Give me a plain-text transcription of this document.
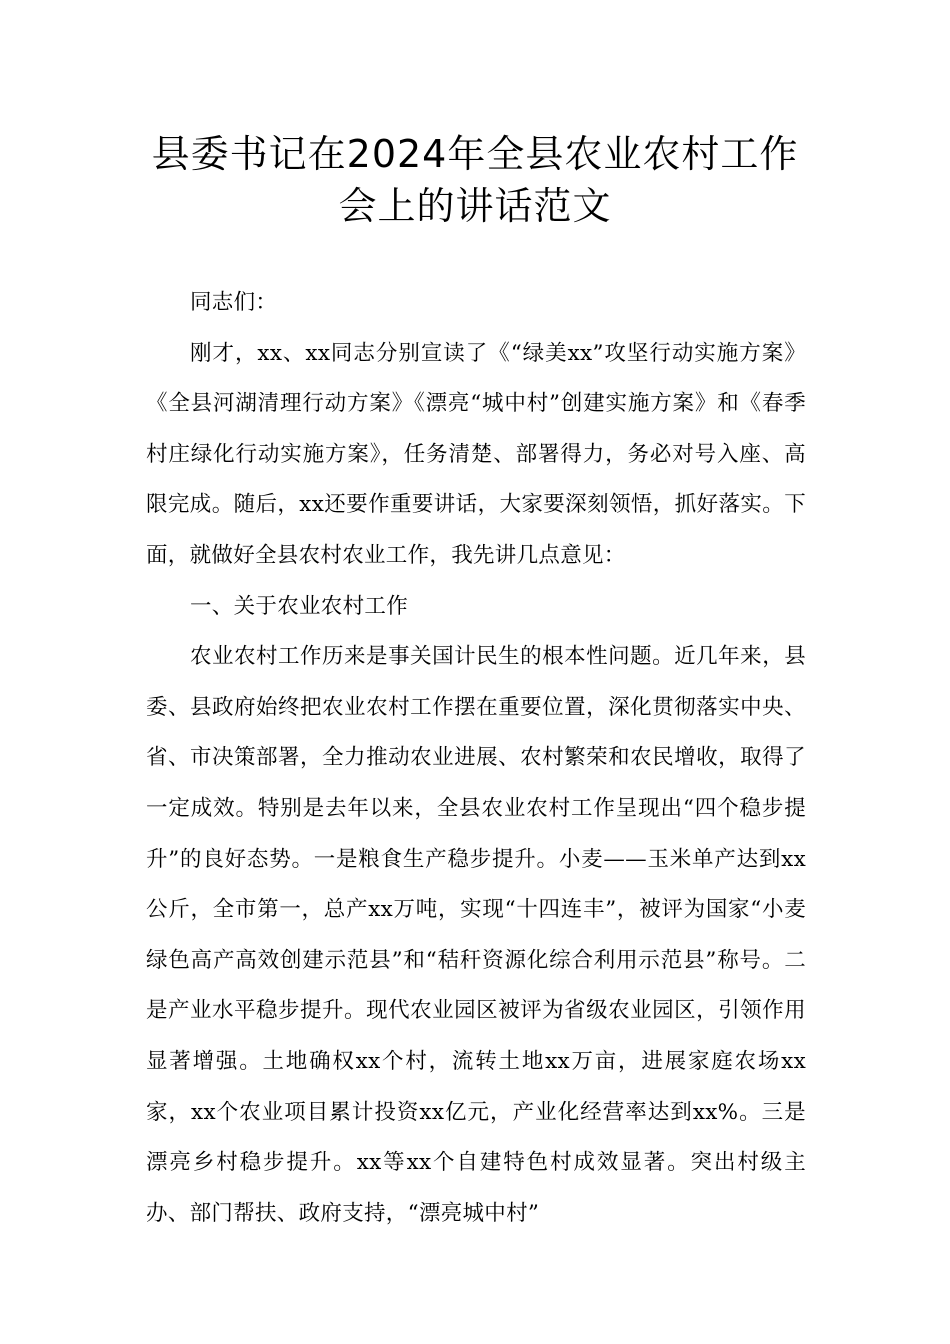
县委书记在2024年全县农业农村工作
会上的讲话范文

同志们：

刚才，xx、xx同志分别宣读了《“绿美xx”攻坚行动实施方案》《全县河湖清理行动方案》《漂亮“城中村”创建实施方案》和《春季村庄绿化行动实施方案》，任务清楚、部署得力，务必对号入座、高限完成。随后，xx还要作重要讲话，大家要深刻领悟，抓好落实。下面，就做好全县农村农业工作，我先讲几点意见：

一、关于农业农村工作

农业农村工作历来是事关国计民生的根本性问题。近几年来，县委、县政府始终把农业农村工作摆在重要位置，深化贯彻落实中央、省、市决策部署，全力推动农业进展、农村繁荣和农民增收，取得了一定成效。特别是去年以来，全县农业农村工作呈现出“四个稳步提升”的良好态势。一是粮食生产稳步提升。小麦——玉米单产达到xx公斤，全市第一，总产xx万吨，实现“十四连丰”，被评为国家“小麦绿色高产高效创建示范县”和“秸秆资源化综合利用示范县”称号。二是产业水平稳步提升。现代农业园区被评为省级农业园区，引领作用显著增强。土地确权xx个村，流转土地xx万亩，进展家庭农场xx家，xx个农业项目累计投资xx亿元，产业化经营率达到xx%。三是漂亮乡村稳步提升。xx等xx个自建特色村成效显著。突出村级主办、部门帮扶、政府支持，“漂亮城中村”
